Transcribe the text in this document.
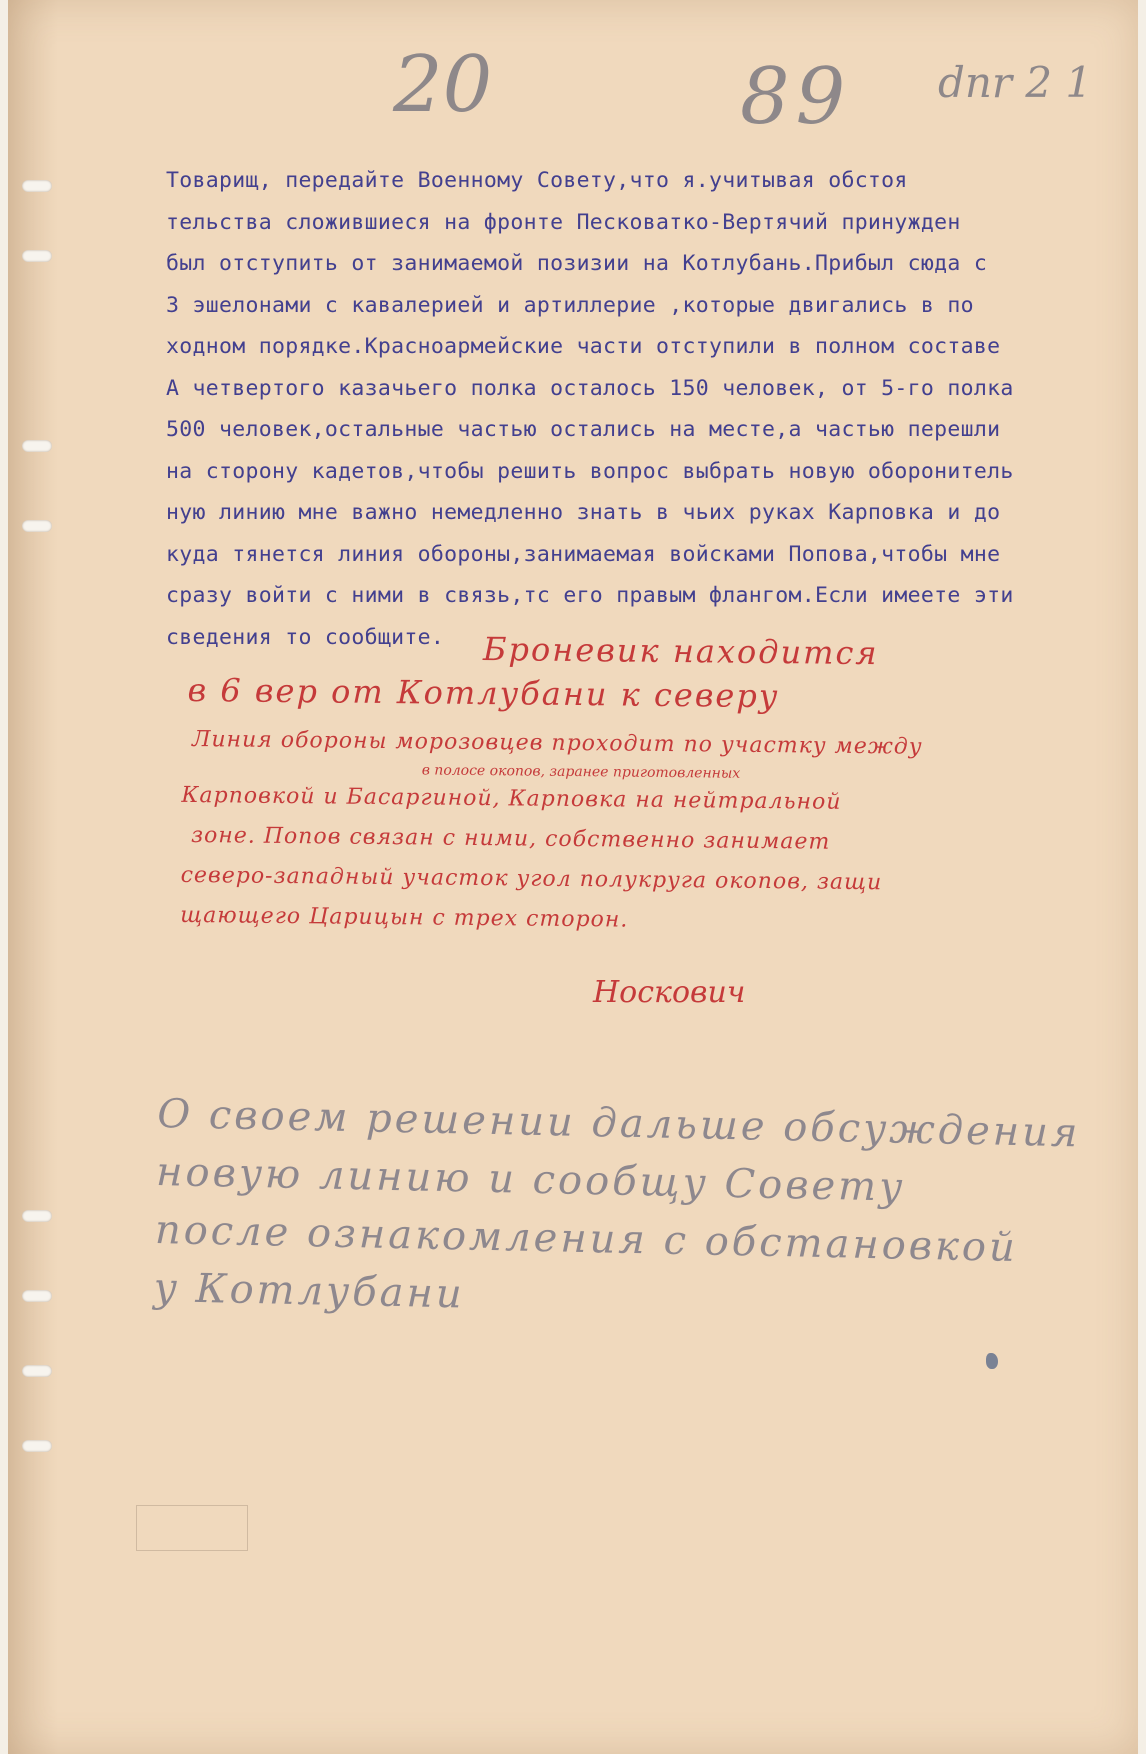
20	89 dnr 2 1
Товарищ, передайте Военному Совету,что я.учитывая обстоя
тельства сложившиеся на фронте Песковатко-Вертячий принужден
был отступить от занимаемой позизии на Котлубань.Прибыл сюда с
3 эшелонами с кавалерией и артиллерие ,которые двигались в по
ходном порядке.Красноармейские части отступили в полном составе
А четвертого казачьего полка осталось 150 человек, от 5-го полка
500 человек,остальные частью остались на месте,а частью перешли
на сторону кадетов,чтобы решить вопрос выбрать новую оборонитель
ную линию мне важно немедленно знать в чьих руках Карповка и до
куда тянется линия обороны,занимаемая войсками Попова,чтобы мне
сразу войти с ними в связь,тс его правым флангом.Если имеете эти
сведения то сообщите.	Броневик находится
в 6 вер от Котлубани к северу
Линия обороны морозовцев проходит по участку между
в полосе окопов, заранее приготовленных
Карповкой и Басаргиной, Карповка на нейтральной
зоне. Попов связан с ними, собственно занимает
северо-западный участок угол полукруга окопов, защи
щающего Царицын с трех сторон.
Носкович
О своем решении дальше обсуждения
новую линию и сообщу Совету
после ознакомления с обстановкой
у Котлубани
